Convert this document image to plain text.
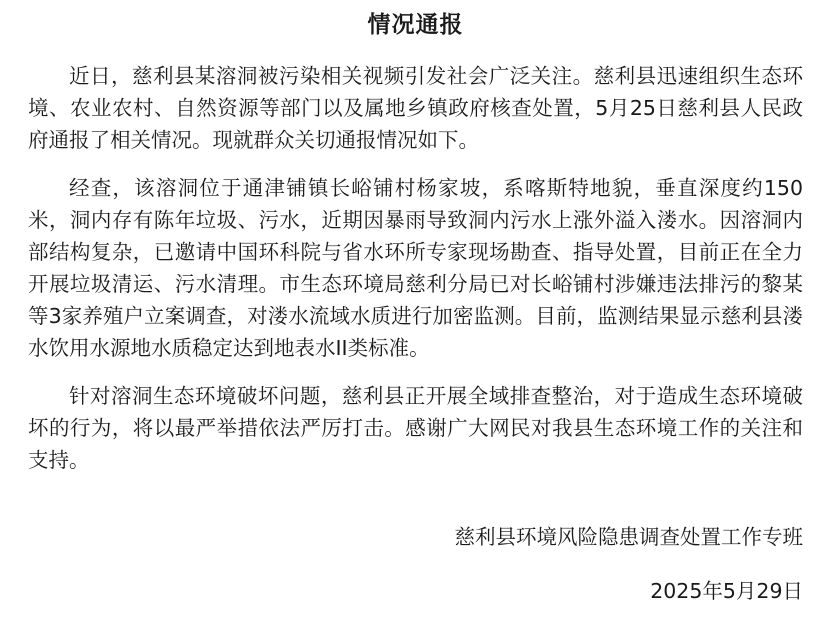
情况通报

近日，慈利县某溶洞被污染相关视频引发社会广泛关注。慈利县迅速组织生态环境、农业农村、自然资源等部门以及属地乡镇政府核查处置，5月25日慈利县人民政府通报了相关情况。现就群众关切通报情况如下。

经查，该溶洞位于通津铺镇长峪铺村杨家坡，系喀斯特地貌，垂直深度约150米，洞内存有陈年垃圾、污水，近期因暴雨导致洞内污水上涨外溢入溇水。因溶洞内部结构复杂，已邀请中国环科院与省水环所专家现场勘查、指导处置，目前正在全力开展垃圾清运、污水清理。市生态环境局慈利分局已对长峪铺村涉嫌违法排污的黎某等3家养殖户立案调查，对溇水流域水质进行加密监测。目前，监测结果显示慈利县溇水饮用水源地水质稳定达到地表水II类标准。

针对溶洞生态环境破坏问题，慈利县正开展全域排查整治，对于造成生态环境破坏的行为，将以最严举措依法严厉打击。感谢广大网民对我县生态环境工作的关注和支持。

慈利县环境风险隐患调查处置工作专班
2025年5月29日
